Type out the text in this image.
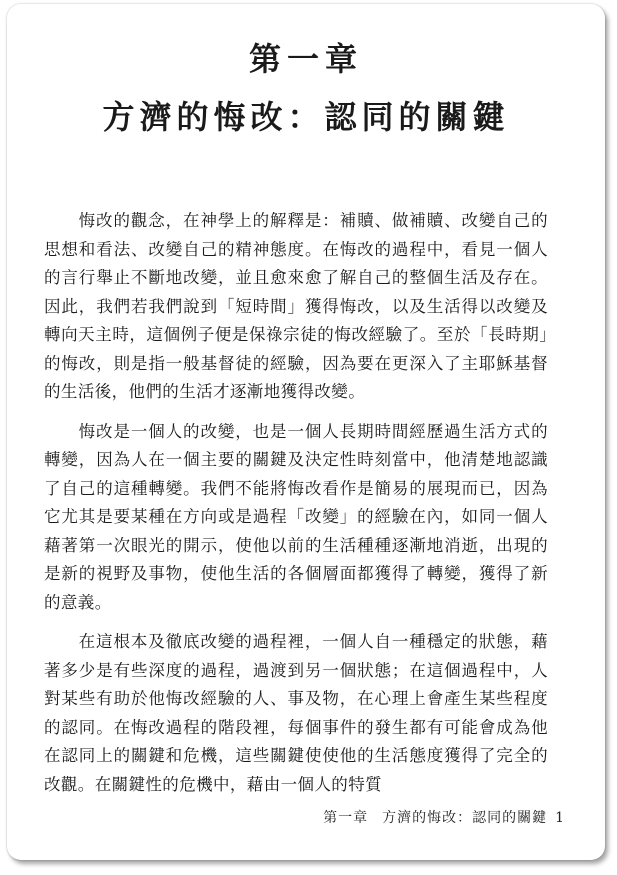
第一章
方濟的悔改：認同的關鍵

悔改的觀念，在神學上的解釋是：補贖、做補贖、改變自己的思想和看法、改變自己的精神態度。在悔改的過程中，看見一個人的言行舉止不斷地改變，並且愈來愈了解自己的整個生活及存在。因此，我們若我們說到「短時間」獲得悔改，以及生活得以改變及轉向天主時，這個例子便是保祿宗徒的悔改經驗了。至於「長時期」的悔改，則是指一般基督徒的經驗，因為要在更深入了主耶穌基督的生活後，他們的生活才逐漸地獲得改變。

悔改是一個人的改變，也是一個人長期時間經歷過生活方式的轉變，因為人在一個主要的關鍵及決定性時刻當中，他清楚地認識了自己的這種轉變。我們不能將悔改看作是簡易的展現而已，因為它尤其是要某種在方向或是過程「改變」的經驗在內，如同一個人藉著第一次眼光的開示，使他以前的生活種種逐漸地消逝，出現的是新的視野及事物，使他生活的各個層面都獲得了轉變，獲得了新的意義。

在這根本及徹底改變的過程裡，一個人自一種穩定的狀態，藉著多少是有些深度的過程，過渡到另一個狀態；在這個過程中，人對某些有助於他悔改經驗的人、事及物，在心理上會產生某些程度的認同。在悔改過程的階段裡，每個事件的發生都有可能會成為他在認同上的關鍵和危機，這些關鍵使使他的生活態度獲得了完全的改觀。在關鍵性的危機中，藉由一個人的特質

第一章 方濟的悔改：認同的關鍵 1
